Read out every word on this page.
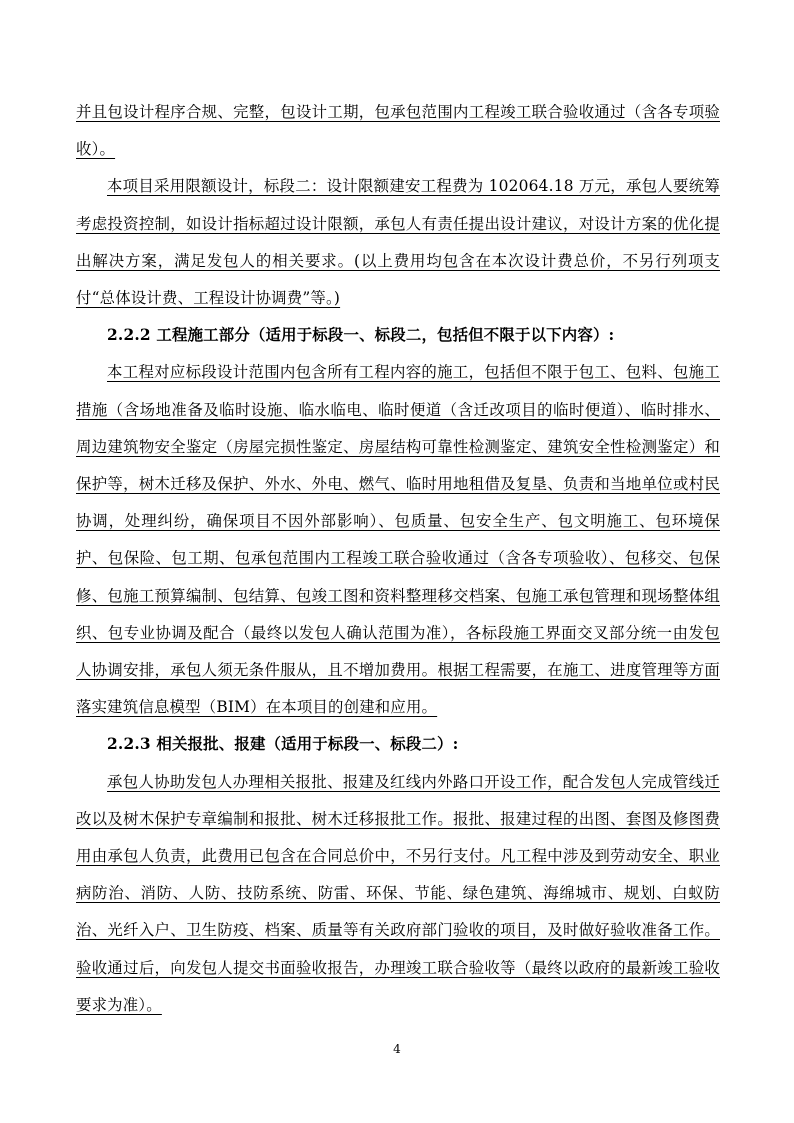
并且包设计程序合规、完整，包设计工期，包承包范围内工程竣工联合验收通过（含各专项验收）。

本项目采用限额设计，标段二：设计限额建安工程费为 102064.18 万元，承包人要统筹考虑投资控制，如设计指标超过设计限额，承包人有责任提出设计建议，对设计方案的优化提出解决方案，满足发包人的相关要求。(以上费用均包含在本次设计费总价，不另行列项支付“总体设计费、工程设计协调费”等。)

2.2.2 工程施工部分（适用于标段一、标段二，包括但不限于以下内容）:

本工程对应标段设计范围内包含所有工程内容的施工，包括但不限于包工、包料、包施工措施（含场地准备及临时设施、临水临电、临时便道（含迁改项目的临时便道）、临时排水、周边建筑物安全鉴定（房屋完损性鉴定、房屋结构可靠性检测鉴定、建筑安全性检测鉴定）和保护等，树木迁移及保护、外水、外电、燃气、临时用地租借及复垦、负责和当地单位或村民协调，处理纠纷，确保项目不因外部影响）、包质量、包安全生产、包文明施工、包环境保护、包保险、包工期、包承包范围内工程竣工联合验收通过（含各专项验收）、包移交、包保修、包施工预算编制、包结算、包竣工图和资料整理移交档案、包施工承包管理和现场整体组织、包专业协调及配合（最终以发包人确认范围为准），各标段施工界面交叉部分统一由发包人协调安排，承包人须无条件服从，且不增加费用。根据工程需要，在施工、进度管理等方面落实建筑信息模型（BIM）在本项目的创建和应用。

2.2.3 相关报批、报建（适用于标段一、标段二）:

承包人协助发包人办理相关报批、报建及红线内外路口开设工作，配合发包人完成管线迁改以及树木保护专章编制和报批、树木迁移报批工作。报批、报建过程的出图、套图及修图费用由承包人负责，此费用已包含在合同总价中，不另行支付。凡工程中涉及到劳动安全、职业病防治、消防、人防、技防系统、防雷、环保、节能、绿色建筑、海绵城市、规划、白蚁防治、光纤入户、卫生防疫、档案、质量等有关政府部门验收的项目，及时做好验收准备工作。验收通过后，向发包人提交书面验收报告，办理竣工联合验收等（最终以政府的最新竣工验收要求为准）。

4
